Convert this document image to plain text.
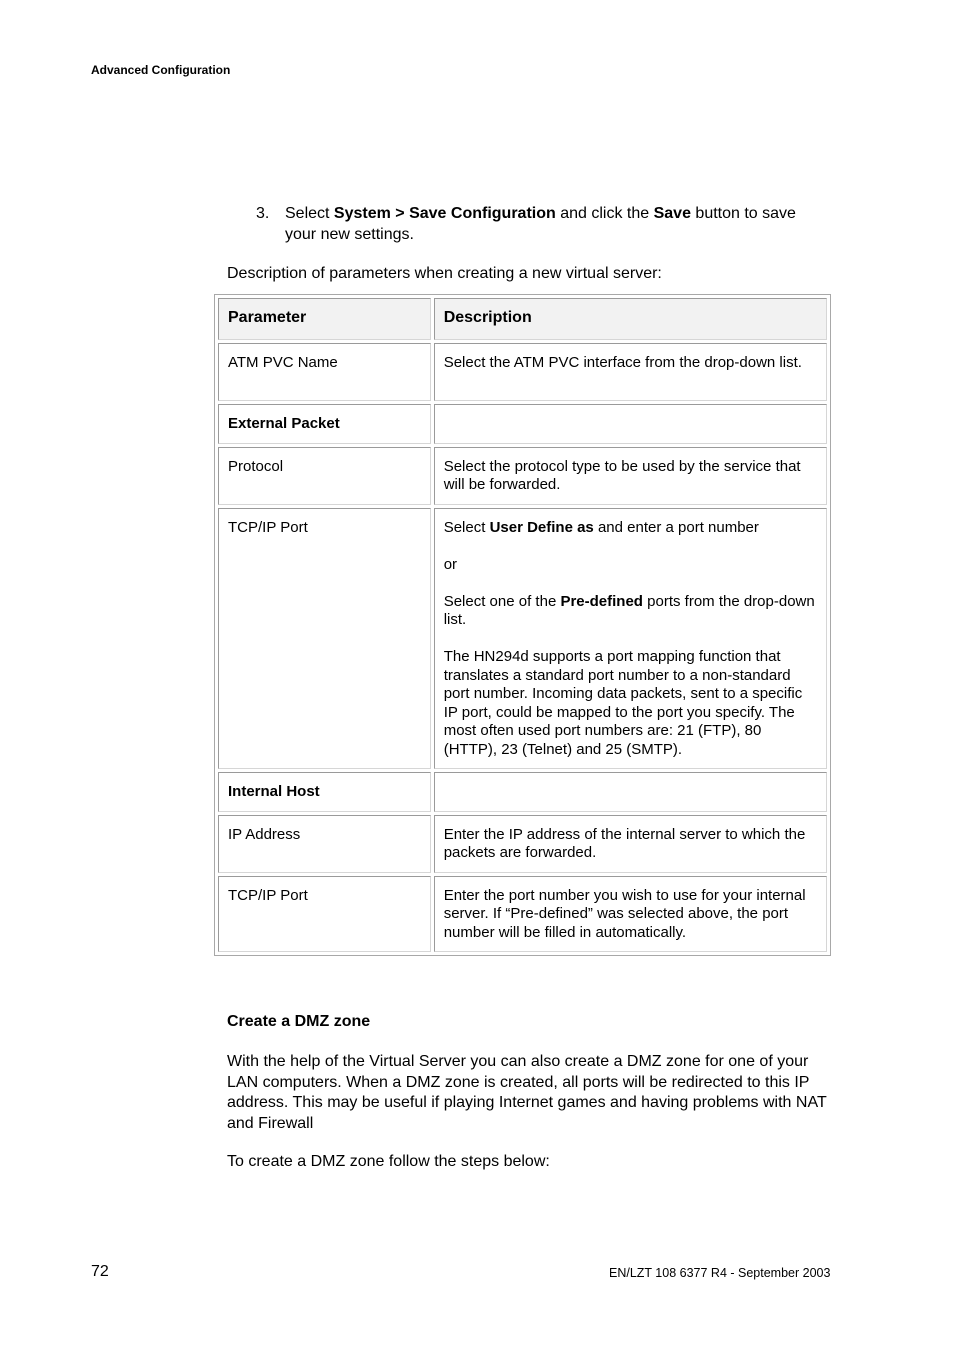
Advanced Configuration
3. Select System > Save Configuration and click the Save button to save your new settings.
Description of parameters when creating a new virtual server:
Parameter	Description
ATM PVC Name	Select the ATM PVC interface from the drop-down list.
External Packet	
Protocol	Select the protocol type to be used by the service that will be forwarded.
TCP/IP Port	Select User Define as and enter a port number

or

Select one of the Pre-defined ports from the drop-down list.

The HN294d supports a port mapping function that translates a standard port number to a non-standard port number. Incoming data packets, sent to a specific IP port, could be mapped to the port you specify. The most often used port numbers are: 21 (FTP), 80 (HTTP), 23 (Telnet) and 25 (SMTP).

Internal Host	
IP Address	Enter the IP address of the internal server to which the packets are forwarded.
TCP/IP Port	Enter the port number you wish to use for your internal server. If “Pre-defined” was selected above, the port number will be filled in automatically.
Create a DMZ zone
With the help of the Virtual Server you can also create a DMZ zone for one of your LAN computers. When a DMZ zone is created, all ports will be redirected to this IP address. This may be useful if playing Internet games and having problems with NAT and Firewall
To create a DMZ zone follow the steps below:
72	EN/LZT 108 6377 R4 - September 2003
